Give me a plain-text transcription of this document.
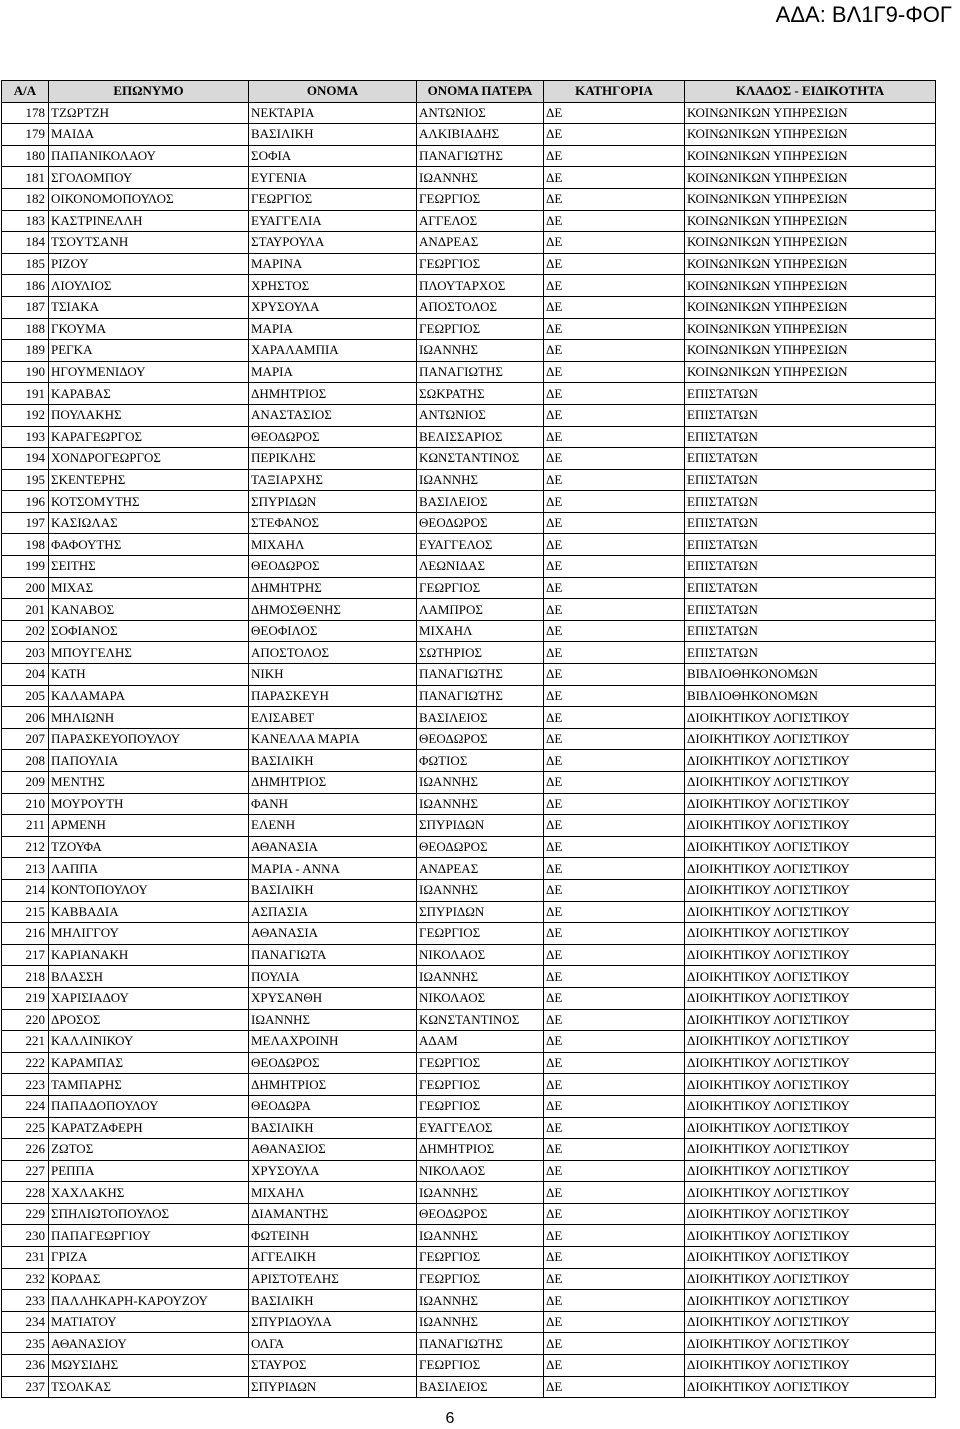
ΑΔΑ: ΒΛ1Γ9-ΦΟΓ
Α/Α	ΕΠΩΝΥΜΟ	ΟΝΟΜΑ	ΟΝΟΜΑ ΠΑΤΕΡΑ	ΚΑΤΗΓΟΡΙΑ	ΚΛΑΔΟΣ - ΕΙΔΙΚΟΤΗΤΑ
178	ΤΖΩΡΤΖΗ	ΝΕΚΤΑΡΙΑ	ΑΝΤΩΝΙΟΣ	ΔΕ	ΚΟΙΝΩΝΙΚΩΝ ΥΠΗΡΕΣΙΩΝ
179	ΜΑΙΔΑ	ΒΑΣΙΛΙΚΗ	ΑΛΚΙΒΙΑΔΗΣ	ΔΕ	ΚΟΙΝΩΝΙΚΩΝ ΥΠΗΡΕΣΙΩΝ
180	ΠΑΠΑΝΙΚΟΛΑΟΥ	ΣΟΦΙΑ	ΠΑΝΑΓΙΩΤΗΣ	ΔΕ	ΚΟΙΝΩΝΙΚΩΝ ΥΠΗΡΕΣΙΩΝ
181	ΣΓΟΛΟΜΠΟΥ	ΕΥΓΕΝΙΑ	ΙΩΑΝΝΗΣ	ΔΕ	ΚΟΙΝΩΝΙΚΩΝ ΥΠΗΡΕΣΙΩΝ
182	ΟΙΚΟΝΟΜΟΠΟΥΛΟΣ	ΓΕΩΡΓΙΟΣ	ΓΕΩΡΓΙΟΣ	ΔΕ	ΚΟΙΝΩΝΙΚΩΝ ΥΠΗΡΕΣΙΩΝ
183	ΚΑΣΤΡΙΝΕΛΛΗ	ΕΥΑΓΓΕΛΙΑ	ΑΓΓΕΛΟΣ	ΔΕ	ΚΟΙΝΩΝΙΚΩΝ ΥΠΗΡΕΣΙΩΝ
184	ΤΣΟΥΤΣΑΝΗ	ΣΤΑΥΡΟΥΛΑ	ΑΝΔΡΕΑΣ	ΔΕ	ΚΟΙΝΩΝΙΚΩΝ ΥΠΗΡΕΣΙΩΝ
185	ΡΙΖΟΥ	ΜΑΡΙΝΑ	ΓΕΩΡΓΙΟΣ	ΔΕ	ΚΟΙΝΩΝΙΚΩΝ ΥΠΗΡΕΣΙΩΝ
186	ΛΙΟΥΛΙΟΣ	ΧΡΗΣΤΟΣ	ΠΛΟΥΤΑΡΧΟΣ	ΔΕ	ΚΟΙΝΩΝΙΚΩΝ ΥΠΗΡΕΣΙΩΝ
187	ΤΣΙΑΚΑ	ΧΡΥΣΟΥΛΑ	ΑΠΟΣΤΟΛΟΣ	ΔΕ	ΚΟΙΝΩΝΙΚΩΝ ΥΠΗΡΕΣΙΩΝ
188	ΓΚΟΥΜΑ	ΜΑΡΙΑ	ΓΕΩΡΓΙΟΣ	ΔΕ	ΚΟΙΝΩΝΙΚΩΝ ΥΠΗΡΕΣΙΩΝ
189	ΡΕΓΚΑ	ΧΑΡΑΛΑΜΠΙΑ	ΙΩΑΝΝΗΣ	ΔΕ	ΚΟΙΝΩΝΙΚΩΝ ΥΠΗΡΕΣΙΩΝ
190	ΗΓΟΥΜΕΝΙΔΟΥ	ΜΑΡΙΑ	ΠΑΝΑΓΙΩΤΗΣ	ΔΕ	ΚΟΙΝΩΝΙΚΩΝ ΥΠΗΡΕΣΙΩΝ
191	ΚΑΡΑΒΑΣ	ΔΗΜΗΤΡΙΟΣ	ΣΩΚΡΑΤΗΣ	ΔΕ	ΕΠΙΣΤΑΤΩΝ
192	ΠΟΥΛΑΚΗΣ	ΑΝΑΣΤΑΣΙΟΣ	ΑΝΤΩΝΙΟΣ	ΔΕ	ΕΠΙΣΤΑΤΩΝ
193	ΚΑΡΑΓΕΩΡΓΟΣ	ΘΕΟΔΩΡΟΣ	ΒΕΛΙΣΣΑΡΙΟΣ	ΔΕ	ΕΠΙΣΤΑΤΩΝ
194	ΧΟΝΔΡΟΓΕΩΡΓΟΣ	ΠΕΡΙΚΛΗΣ	ΚΩΝΣΤΑΝΤΙΝΟΣ	ΔΕ	ΕΠΙΣΤΑΤΩΝ
195	ΣΚΕΝΤΕΡΗΣ	ΤΑΞΙΑΡΧΗΣ	ΙΩΑΝΝΗΣ	ΔΕ	ΕΠΙΣΤΑΤΩΝ
196	ΚΟΤΣΟΜΥΤΗΣ	ΣΠΥΡΙΔΩΝ	ΒΑΣΙΛΕΙΟΣ	ΔΕ	ΕΠΙΣΤΑΤΩΝ
197	ΚΑΣΙΩΛΑΣ	ΣΤΕΦΑΝΟΣ	ΘΕΟΔΩΡΟΣ	ΔΕ	ΕΠΙΣΤΑΤΩΝ
198	ΦΑΦΟΥΤΗΣ	ΜΙΧΑΗΛ	ΕΥΑΓΓΕΛΟΣ	ΔΕ	ΕΠΙΣΤΑΤΩΝ
199	ΣΕΙΤΗΣ	ΘΕΟΔΩΡΟΣ	ΛΕΩΝΙΔΑΣ	ΔΕ	ΕΠΙΣΤΑΤΩΝ
200	ΜΙΧΑΣ	ΔΗΜΗΤΡΗΣ	ΓΕΩΡΓΙΟΣ	ΔΕ	ΕΠΙΣΤΑΤΩΝ
201	ΚΑΝΑΒΟΣ	ΔΗΜΟΣΘΕΝΗΣ	ΛΑΜΠΡΟΣ	ΔΕ	ΕΠΙΣΤΑΤΩΝ
202	ΣΟΦΙΑΝΟΣ	ΘΕΟΦΙΛΟΣ	ΜΙΧΑΗΛ	ΔΕ	ΕΠΙΣΤΑΤΩΝ
203	ΜΠΟΥΓΕΛΗΣ	ΑΠΟΣΤΟΛΟΣ	ΣΩΤΗΡΙΟΣ	ΔΕ	ΕΠΙΣΤΑΤΩΝ
204	ΚΑΤΗ	ΝΙΚΗ	ΠΑΝΑΓΙΩΤΗΣ	ΔΕ	ΒΙΒΛΙΟΘΗΚΟΝΟΜΩΝ
205	ΚΑΛΑΜΑΡΑ	ΠΑΡΑΣΚΕΥΗ	ΠΑΝΑΓΙΩΤΗΣ	ΔΕ	ΒΙΒΛΙΟΘΗΚΟΝΟΜΩΝ
206	ΜΗΛΙΩΝΗ	ΕΛΙΣΑΒΕΤ	ΒΑΣΙΛΕΙΟΣ	ΔΕ	ΔΙΟΙΚΗΤΙΚΟΥ ΛΟΓΙΣΤΙΚΟΥ
207	ΠΑΡΑΣΚΕΥΟΠΟΥΛΟΥ	ΚΑΝΕΛΛΑ ΜΑΡΙΑ	ΘΕΟΔΩΡΟΣ	ΔΕ	ΔΙΟΙΚΗΤΙΚΟΥ ΛΟΓΙΣΤΙΚΟΥ
208	ΠΑΠΟΥΛΙΑ	ΒΑΣΙΛΙΚΗ	ΦΩΤΙΟΣ	ΔΕ	ΔΙΟΙΚΗΤΙΚΟΥ ΛΟΓΙΣΤΙΚΟΥ
209	ΜΕΝΤΗΣ	ΔΗΜΗΤΡΙΟΣ	ΙΩΑΝΝΗΣ	ΔΕ	ΔΙΟΙΚΗΤΙΚΟΥ ΛΟΓΙΣΤΙΚΟΥ
210	ΜΟΥΡΟΥΤΗ	ΦΑΝΗ	ΙΩΑΝΝΗΣ	ΔΕ	ΔΙΟΙΚΗΤΙΚΟΥ ΛΟΓΙΣΤΙΚΟΥ
211	ΑΡΜΕΝΗ	ΕΛΕΝΗ	ΣΠΥΡΙΔΩΝ	ΔΕ	ΔΙΟΙΚΗΤΙΚΟΥ ΛΟΓΙΣΤΙΚΟΥ
212	ΤΖΟΥΦΑ	ΑΘΑΝΑΣΙΑ	ΘΕΟΔΩΡΟΣ	ΔΕ	ΔΙΟΙΚΗΤΙΚΟΥ ΛΟΓΙΣΤΙΚΟΥ
213	ΛΑΠΠΑ	ΜΑΡΙΑ - ΑΝΝΑ	ΑΝΔΡΕΑΣ	ΔΕ	ΔΙΟΙΚΗΤΙΚΟΥ ΛΟΓΙΣΤΙΚΟΥ
214	ΚΟΝΤΟΠΟΥΛΟΥ	ΒΑΣΙΛΙΚΗ	ΙΩΑΝΝΗΣ	ΔΕ	ΔΙΟΙΚΗΤΙΚΟΥ ΛΟΓΙΣΤΙΚΟΥ
215	ΚΑΒΒΑΔΙΑ	ΑΣΠΑΣΙΑ	ΣΠΥΡΙΔΩΝ	ΔΕ	ΔΙΟΙΚΗΤΙΚΟΥ ΛΟΓΙΣΤΙΚΟΥ
216	ΜΗΛΙΓΓΟΥ	ΑΘΑΝΑΣΙΑ	ΓΕΩΡΓΙΟΣ	ΔΕ	ΔΙΟΙΚΗΤΙΚΟΥ ΛΟΓΙΣΤΙΚΟΥ
217	ΚΑΡΙΑΝΑΚΗ	ΠΑΝΑΓΙΩΤΑ	ΝΙΚΟΛΑΟΣ	ΔΕ	ΔΙΟΙΚΗΤΙΚΟΥ ΛΟΓΙΣΤΙΚΟΥ
218	ΒΛΑΣΣΗ	ΠΟΥΛΙΑ	ΙΩΑΝΝΗΣ	ΔΕ	ΔΙΟΙΚΗΤΙΚΟΥ ΛΟΓΙΣΤΙΚΟΥ
219	ΧΑΡΙΣΙΑΔΟΥ	ΧΡΥΣΑΝΘΗ	ΝΙΚΟΛΑΟΣ	ΔΕ	ΔΙΟΙΚΗΤΙΚΟΥ ΛΟΓΙΣΤΙΚΟΥ
220	ΔΡΟΣΟΣ	ΙΩΑΝΝΗΣ	ΚΩΝΣΤΑΝΤΙΝΟΣ	ΔΕ	ΔΙΟΙΚΗΤΙΚΟΥ ΛΟΓΙΣΤΙΚΟΥ
221	ΚΑΛΛΙΝΙΚΟΥ	ΜΕΛΑΧΡΟΙΝΗ	ΑΔΑΜ	ΔΕ	ΔΙΟΙΚΗΤΙΚΟΥ ΛΟΓΙΣΤΙΚΟΥ
222	ΚΑΡΑΜΠΑΣ	ΘΕΟΔΩΡΟΣ	ΓΕΩΡΓΙΟΣ	ΔΕ	ΔΙΟΙΚΗΤΙΚΟΥ ΛΟΓΙΣΤΙΚΟΥ
223	ΤΑΜΠΑΡΗΣ	ΔΗΜΗΤΡΙΟΣ	ΓΕΩΡΓΙΟΣ	ΔΕ	ΔΙΟΙΚΗΤΙΚΟΥ ΛΟΓΙΣΤΙΚΟΥ
224	ΠΑΠΑΔΟΠΟΥΛΟΥ	ΘΕΟΔΩΡΑ	ΓΕΩΡΓΙΟΣ	ΔΕ	ΔΙΟΙΚΗΤΙΚΟΥ ΛΟΓΙΣΤΙΚΟΥ
225	ΚΑΡΑΤΖΑΦΕΡΗ	ΒΑΣΙΛΙΚΗ	ΕΥΑΓΓΕΛΟΣ	ΔΕ	ΔΙΟΙΚΗΤΙΚΟΥ ΛΟΓΙΣΤΙΚΟΥ
226	ΖΩΤΟΣ	ΑΘΑΝΑΣΙΟΣ	ΔΗΜΗΤΡΙΟΣ	ΔΕ	ΔΙΟΙΚΗΤΙΚΟΥ ΛΟΓΙΣΤΙΚΟΥ
227	ΡΕΠΠΑ	ΧΡΥΣΟΥΛΑ	ΝΙΚΟΛΑΟΣ	ΔΕ	ΔΙΟΙΚΗΤΙΚΟΥ ΛΟΓΙΣΤΙΚΟΥ
228	ΧΑΧΛΑΚΗΣ	ΜΙΧΑΗΛ	ΙΩΑΝΝΗΣ	ΔΕ	ΔΙΟΙΚΗΤΙΚΟΥ ΛΟΓΙΣΤΙΚΟΥ
229	ΣΠΗΛΙΩΤΟΠΟΥΛΟΣ	ΔΙΑΜΑΝΤΗΣ	ΘΕΟΔΩΡΟΣ	ΔΕ	ΔΙΟΙΚΗΤΙΚΟΥ ΛΟΓΙΣΤΙΚΟΥ
230	ΠΑΠΑΓΕΩΡΓΙΟΥ	ΦΩΤΕΙΝΗ	ΙΩΑΝΝΗΣ	ΔΕ	ΔΙΟΙΚΗΤΙΚΟΥ ΛΟΓΙΣΤΙΚΟΥ
231	ΓΡΙΖΑ	ΑΓΓΕΛΙΚΗ	ΓΕΩΡΓΙΟΣ	ΔΕ	ΔΙΟΙΚΗΤΙΚΟΥ ΛΟΓΙΣΤΙΚΟΥ
232	ΚΟΡΔΑΣ	ΑΡΙΣΤΟΤΕΛΗΣ	ΓΕΩΡΓΙΟΣ	ΔΕ	ΔΙΟΙΚΗΤΙΚΟΥ ΛΟΓΙΣΤΙΚΟΥ
233	ΠΑΛΛΗΚΑΡΗ-ΚΑΡΟΥΖΟΥ	ΒΑΣΙΛΙΚΗ	ΙΩΑΝΝΗΣ	ΔΕ	ΔΙΟΙΚΗΤΙΚΟΥ ΛΟΓΙΣΤΙΚΟΥ
234	ΜΑΤΙΑΤΟΥ	ΣΠΥΡΙΔΟΥΛΑ	ΙΩΑΝΝΗΣ	ΔΕ	ΔΙΟΙΚΗΤΙΚΟΥ ΛΟΓΙΣΤΙΚΟΥ
235	ΑΘΑΝΑΣΙΟΥ	ΟΛΓΑ	ΠΑΝΑΓΙΩΤΗΣ	ΔΕ	ΔΙΟΙΚΗΤΙΚΟΥ ΛΟΓΙΣΤΙΚΟΥ
236	ΜΩΥΣΙΔΗΣ	ΣΤΑΥΡΟΣ	ΓΕΩΡΓΙΟΣ	ΔΕ	ΔΙΟΙΚΗΤΙΚΟΥ ΛΟΓΙΣΤΙΚΟΥ
237	ΤΣΟΛΚΑΣ	ΣΠΥΡΙΔΩΝ	ΒΑΣΙΛΕΙΟΣ	ΔΕ	ΔΙΟΙΚΗΤΙΚΟΥ ΛΟΓΙΣΤΙΚΟΥ
6
